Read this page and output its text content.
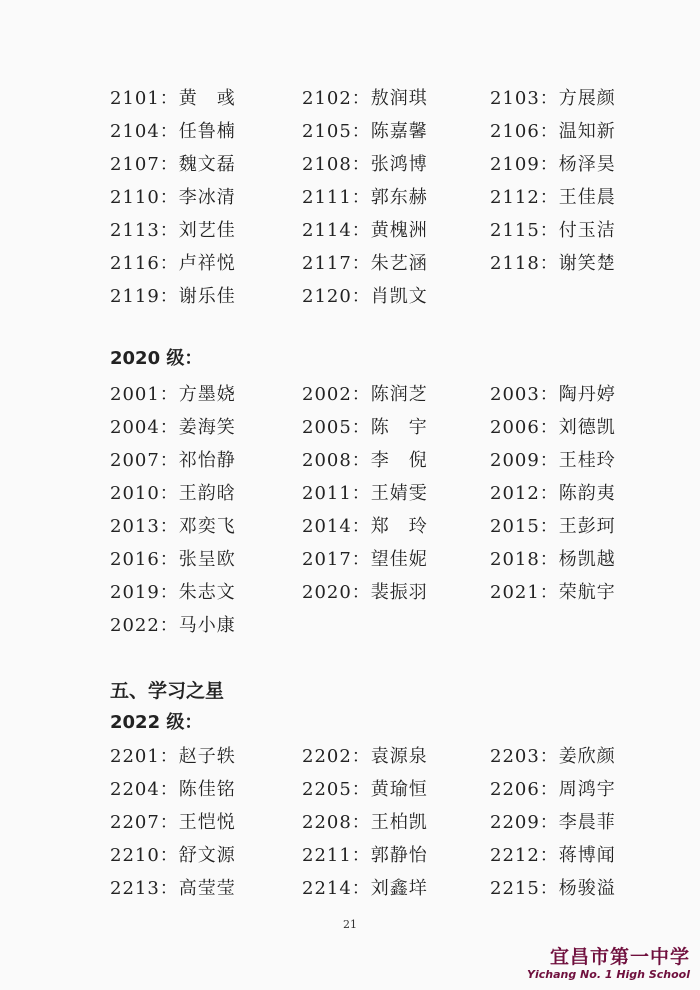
2101：黄　彧	2102：敖润琪	2103：方展颜
2104：任鲁楠	2105：陈嘉馨	2106：温知新
2107：魏文磊	2108：张鸿博	2109：杨泽昊
2110：李冰清	2111：郭东赫	2112：王佳晨
2113：刘艺佳	2114：黄槐洲	2115：付玉洁
2116：卢祥悦	2117：朱艺涵	2118：谢笑楚
2119：谢乐佳	2120：肖凯文
2020 级：
2001：方墨娆	2002：陈润芝	2003：陶丹婷
2004：姜海笑	2005：陈　宇	2006：刘德凯
2007：祁怡静	2008：李　倪	2009：王桂玲
2010：王韵晗	2011：王婧雯	2012：陈韵夷
2013：邓奕飞	2014：郑　玲	2015：王彭珂
2016：张呈欧	2017：望佳妮	2018：杨凯越
2019：朱志文	2020：裴振羽	2021：荣航宇
2022：马小康
五、学习之星
2022 级：
2201：赵子轶	2202：袁源泉	2203：姜欣颜
2204：陈佳铭	2205：黄瑜恒	2206：周鸿宇
2207：王恺悦	2208：王柏凯	2209：李晨菲
2210：舒文源	2211：郭静怡	2212：蒋博闻
2213：高莹莹	2214：刘鑫垟	2215：杨骏溢
21
宜昌市第一中学
Yichang No. 1 High School
